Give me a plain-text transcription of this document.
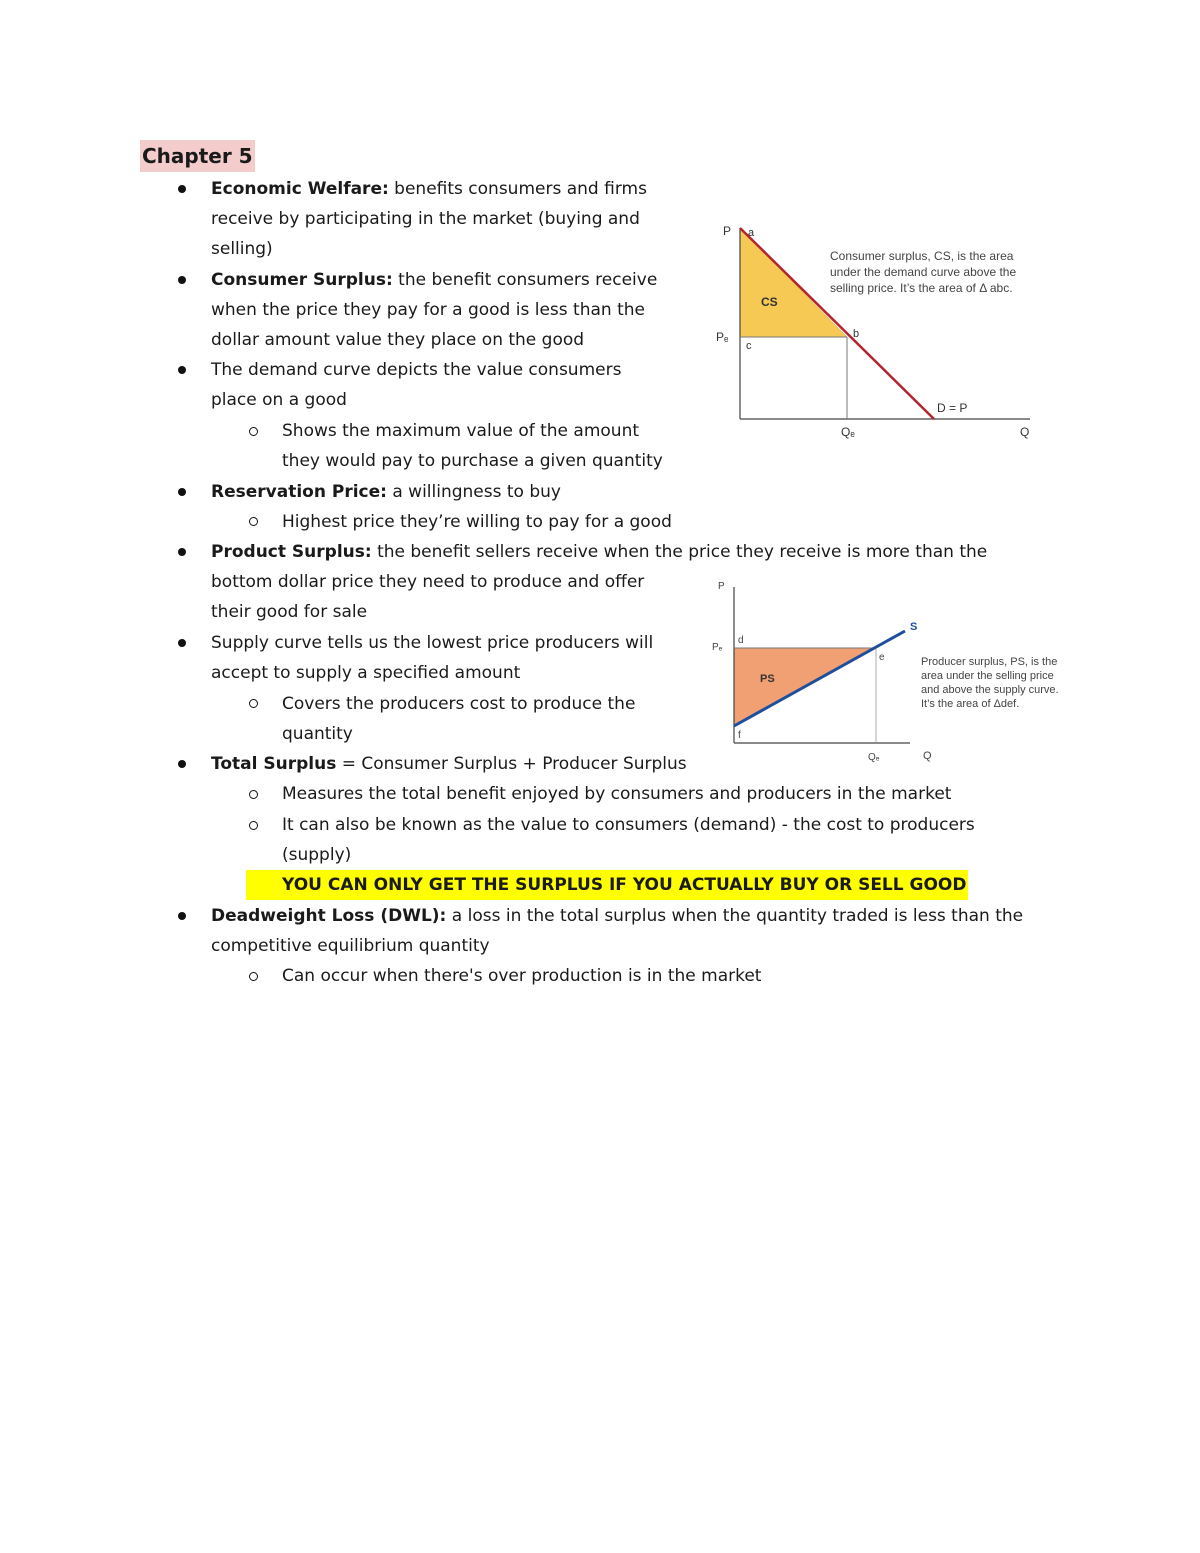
Chapter 5
Economic Welfare: benefits consumers and firms
receive by participating in the market (buying and
selling)
Consumer Surplus: the benefit consumers receive
when the price they pay for a good is less than the
dollar amount value they place on the good
The demand curve depicts the value consumers
place on a good
Shows the maximum value of the amount
they would pay to purchase a given quantity
Reservation Price: a willingness to buy
Highest price they’re willing to pay for a good
Product Surplus: the benefit sellers receive when the price they receive is more than the
bottom dollar price they need to produce and offer
their good for sale
Supply curve tells us the lowest price producers will
accept to supply a specified amount
Covers the producers cost to produce the
quantity
Total Surplus = Consumer Surplus + Producer Surplus
Measures the total benefit enjoyed by consumers and producers in the market
It can also be known as the value to consumers (demand) - the cost to producers
(supply)
YOU CAN ONLY GET THE SURPLUS IF YOU ACTUALLY BUY OR SELL GOOD
Deadweight Loss (DWL): a loss in the total surplus when the quantity traded is less than the
competitive equilibrium quantity
Can occur when there's over production is in the market
P a
CS
Pₑ
c
b
D = P
Qₑ	Q
Consumer surplus, CS, is the area
under the demand curve above the
selling price. It’s the area of Δ abc.
P
Pₑ
d
PS
e
S
f
Qₑ	Q
Producer surplus, PS, is the
area under the selling price
and above the supply curve.
It’s the area of Δdef.
